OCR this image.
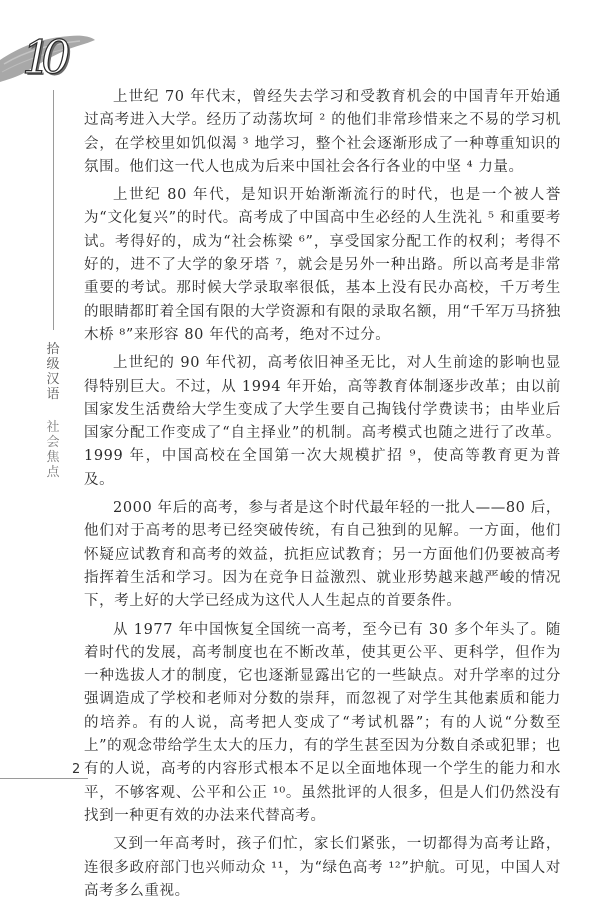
10
拾级汉语
社会焦点

上世纪 70 年代末，曾经失去学习和受教育机会的中国青年开始通过高考进入大学。经历了动荡坎坷 ² 的他们非常珍惜来之不易的学习机会，在学校里如饥似渴 ³ 地学习，整个社会逐渐形成了一种尊重知识的氛围。他们这一代人也成为后来中国社会各行各业的中坚 ⁴ 力量。

上世纪 80 年代，是知识开始渐渐流行的时代，也是一个被人誉为“文化复兴”的时代。高考成了中国高中生必经的人生洗礼 ⁵ 和重要考试。考得好的，成为“社会栋梁 ⁶”，享受国家分配工作的权利；考得不好的，进不了大学的象牙塔 ⁷，就会是另外一种出路。所以高考是非常重要的考试。那时候大学录取率很低，基本上没有民办高校，千万考生的眼睛都盯着全国有限的大学资源和有限的录取名额，用“千军万马挤独木桥 ⁸”来形容 80 年代的高考，绝对不过分。

上世纪的 90 年代初，高考依旧神圣无比，对人生前途的影响也显得特别巨大。不过，从 1994 年开始，高等教育体制逐步改革；由以前国家发生活费给大学生变成了大学生要自己掏钱付学费读书；由毕业后国家分配工作变成了“自主择业”的机制。高考模式也随之进行了改革。1999 年，中国高校在全国第一次大规模扩招 ⁹，使高等教育更为普及。

2000 年后的高考，参与者是这个时代最年轻的一批人——80 后，他们对于高考的思考已经突破传统，有自己独到的见解。一方面，他们怀疑应试教育和高考的效益，抗拒应试教育；另一方面他们仍要被高考指挥着生活和学习。因为在竞争日益激烈、就业形势越来越严峻的情况下，考上好的大学已经成为这代人人生起点的首要条件。

从 1977 年中国恢复全国统一高考，至今已有 30 多个年头了。随着时代的发展，高考制度也在不断改革，使其更公平、更科学，但作为一种选拔人才的制度，它也逐渐显露出它的一些缺点。对升学率的过分强调造成了学校和老师对分数的崇拜，而忽视了对学生其他素质和能力的培养。有的人说，高考把人变成了“考试机器”；有的人说“分数至上”的观念带给学生太大的压力，有的学生甚至因为分数自杀或犯罪；也有的人说，高考的内容形式根本不足以全面地体现一个学生的能力和水平，不够客观、公平和公正 ¹⁰。虽然批评的人很多，但是人们仍然没有找到一种更有效的办法来代替高考。

又到一年高考时，孩子们忙，家长们紧张，一切都得为高考让路，连很多政府部门也兴师动众 ¹¹，为“绿色高考 ¹²”护航。可见，中国人对高考多么重视。

2
